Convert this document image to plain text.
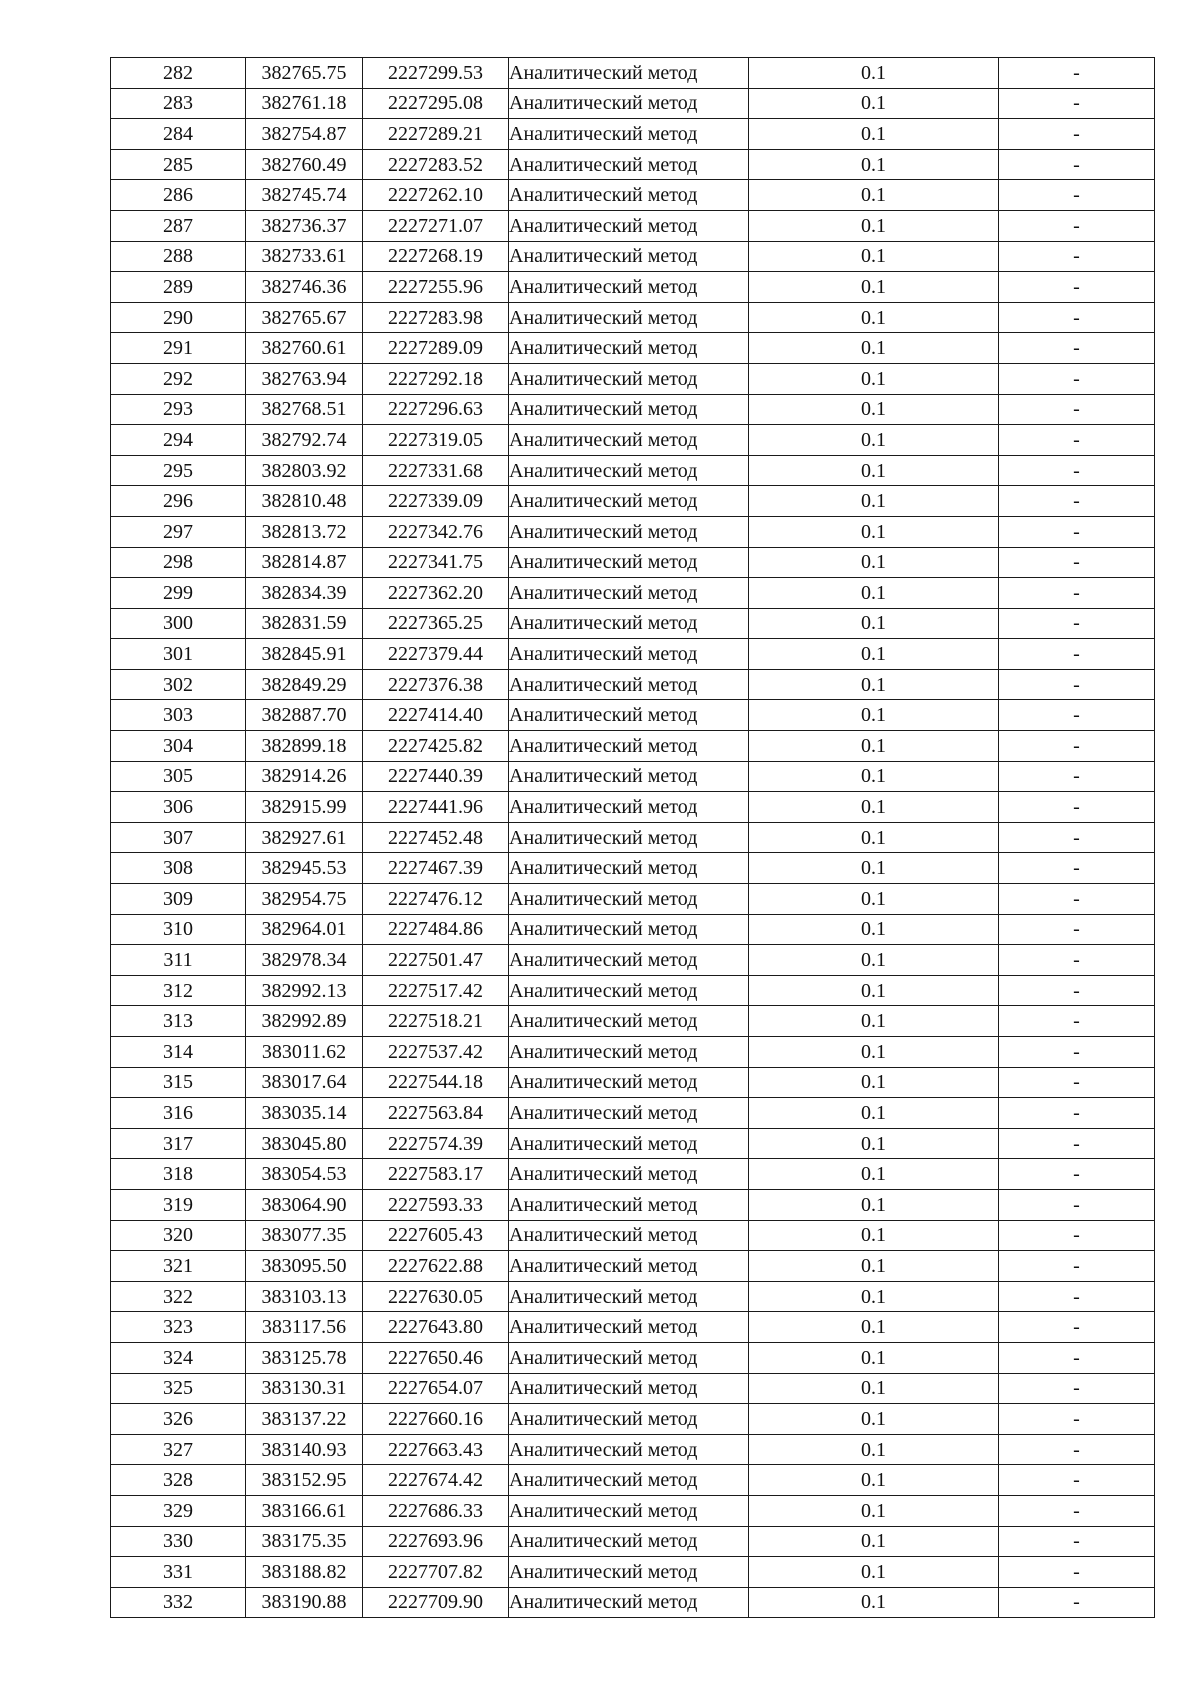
282	382765.75	2227299.53	Аналитический метод	0.1	-
283	382761.18	2227295.08	Аналитический метод	0.1	-
284	382754.87	2227289.21	Аналитический метод	0.1	-
285	382760.49	2227283.52	Аналитический метод	0.1	-
286	382745.74	2227262.10	Аналитический метод	0.1	-
287	382736.37	2227271.07	Аналитический метод	0.1	-
288	382733.61	2227268.19	Аналитический метод	0.1	-
289	382746.36	2227255.96	Аналитический метод	0.1	-
290	382765.67	2227283.98	Аналитический метод	0.1	-
291	382760.61	2227289.09	Аналитический метод	0.1	-
292	382763.94	2227292.18	Аналитический метод	0.1	-
293	382768.51	2227296.63	Аналитический метод	0.1	-
294	382792.74	2227319.05	Аналитический метод	0.1	-
295	382803.92	2227331.68	Аналитический метод	0.1	-
296	382810.48	2227339.09	Аналитический метод	0.1	-
297	382813.72	2227342.76	Аналитический метод	0.1	-
298	382814.87	2227341.75	Аналитический метод	0.1	-
299	382834.39	2227362.20	Аналитический метод	0.1	-
300	382831.59	2227365.25	Аналитический метод	0.1	-
301	382845.91	2227379.44	Аналитический метод	0.1	-
302	382849.29	2227376.38	Аналитический метод	0.1	-
303	382887.70	2227414.40	Аналитический метод	0.1	-
304	382899.18	2227425.82	Аналитический метод	0.1	-
305	382914.26	2227440.39	Аналитический метод	0.1	-
306	382915.99	2227441.96	Аналитический метод	0.1	-
307	382927.61	2227452.48	Аналитический метод	0.1	-
308	382945.53	2227467.39	Аналитический метод	0.1	-
309	382954.75	2227476.12	Аналитический метод	0.1	-
310	382964.01	2227484.86	Аналитический метод	0.1	-
311	382978.34	2227501.47	Аналитический метод	0.1	-
312	382992.13	2227517.42	Аналитический метод	0.1	-
313	382992.89	2227518.21	Аналитический метод	0.1	-
314	383011.62	2227537.42	Аналитический метод	0.1	-
315	383017.64	2227544.18	Аналитический метод	0.1	-
316	383035.14	2227563.84	Аналитический метод	0.1	-
317	383045.80	2227574.39	Аналитический метод	0.1	-
318	383054.53	2227583.17	Аналитический метод	0.1	-
319	383064.90	2227593.33	Аналитический метод	0.1	-
320	383077.35	2227605.43	Аналитический метод	0.1	-
321	383095.50	2227622.88	Аналитический метод	0.1	-
322	383103.13	2227630.05	Аналитический метод	0.1	-
323	383117.56	2227643.80	Аналитический метод	0.1	-
324	383125.78	2227650.46	Аналитический метод	0.1	-
325	383130.31	2227654.07	Аналитический метод	0.1	-
326	383137.22	2227660.16	Аналитический метод	0.1	-
327	383140.93	2227663.43	Аналитический метод	0.1	-
328	383152.95	2227674.42	Аналитический метод	0.1	-
329	383166.61	2227686.33	Аналитический метод	0.1	-
330	383175.35	2227693.96	Аналитический метод	0.1	-
331	383188.82	2227707.82	Аналитический метод	0.1	-
332	383190.88	2227709.90	Аналитический метод	0.1	-
